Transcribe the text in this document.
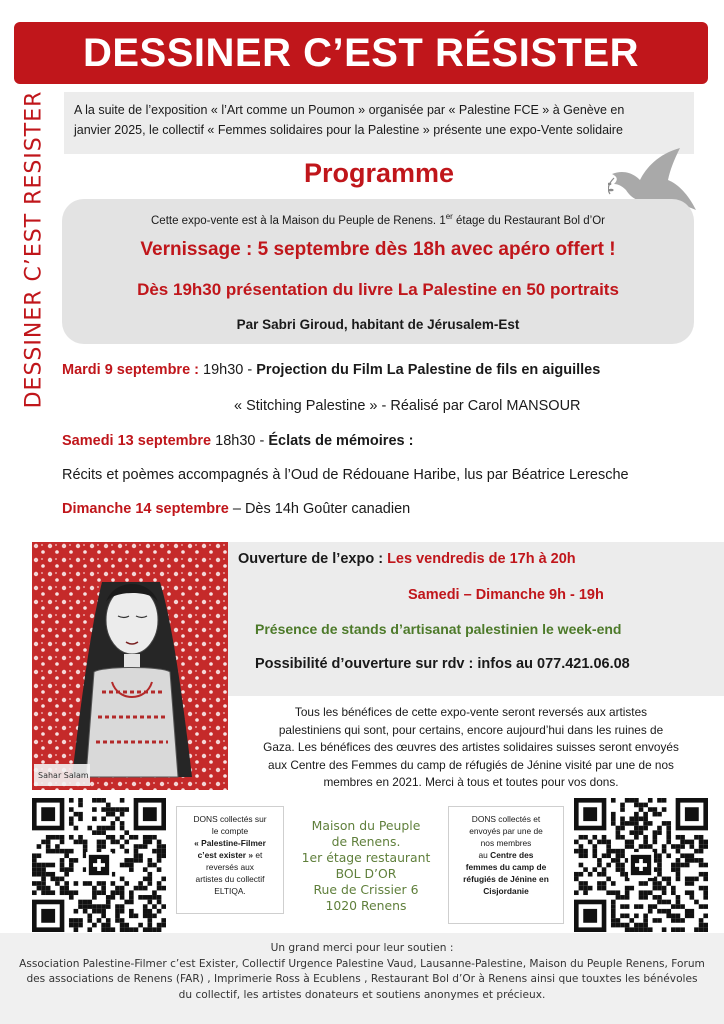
DESSINER C’EST RÉSISTER
DESSINER C’EST RESISTER A la suite de l’exposition « l’Art comme un Poumon » organisée par « Palestine FCE » à Genève en
janvier 2025, le collectif « Femmes solidaires pour la Palestine » présente une expo-Vente solidaire
Programme
Cette expo-vente est à la Maison du Peuple de Renens. 1er étage du Restaurant Bol d’Or
Vernissage : 5 septembre dès 18h avec apéro offert !
Dès 19h30 présentation du livre La Palestine en 50 portraits
Par Sabri Giroud, habitant de Jérusalem-Est
Mardi 9 septembre : 19h30 - Projection du Film La Palestine de fils en aiguilles
« Stitching Palestine » - Réalisé par Carol MANSOUR
Samedi 13 septembre 18h30 - Éclats de mémoires :
Récits et poèmes accompagnés à l’Oud de Rédouane Haribe, lus par Béatrice Leresche
Dimanche 14 septembre – Dès 14h Goûter canadien
Ouverture de l’expo : Les vendredis de 17h à 20h
Samedi – Dimanche 9h - 19h
Présence de stands d’artisanat palestinien le week-end
Possibilité d’ouverture sur rdv : infos au 077.421.06.08
Sahar Salam
Tous les bénéfices de cette expo-vente seront reversés aux artistes
palestiniens qui sont, pour certains, encore aujourd’hui dans les ruines de
Gaza. Les bénéfices des œuvres des artistes solidaires suisses seront envoyés
aux Centre des Femmes du camp de réfugiés de Jénine visité par une de nos
membres en 2021. Merci à tous et toutes pour vos dons.
DONS collectés sur
le compte
« Palestine-Filmer
c’est exister » et
reversés aux
artistes du collectif
ELTIQA.
Maison du Peuple
de Renens.
1er étage restaurant
BOL D’OR
Rue de Crissier 6
1020 Renens
DONS collectés et
envoyés par une de
nos membres
au Centre des
femmes du camp de
réfugiés de Jénine en
Cisjordanie
Un grand merci pour leur soutien :
Association Palestine-Filmer c’est Exister, Collectif Urgence Palestine Vaud, Lausanne-Palestine, Maison du Peuple Renens, Forum
des associations de Renens (FAR) , Imprimerie Ross à Ecublens , Restaurant Bol d’Or à Renens ainsi que touxtes les bénévoles
du collectif, les artistes donateurs et soutiens anonymes et précieux.
